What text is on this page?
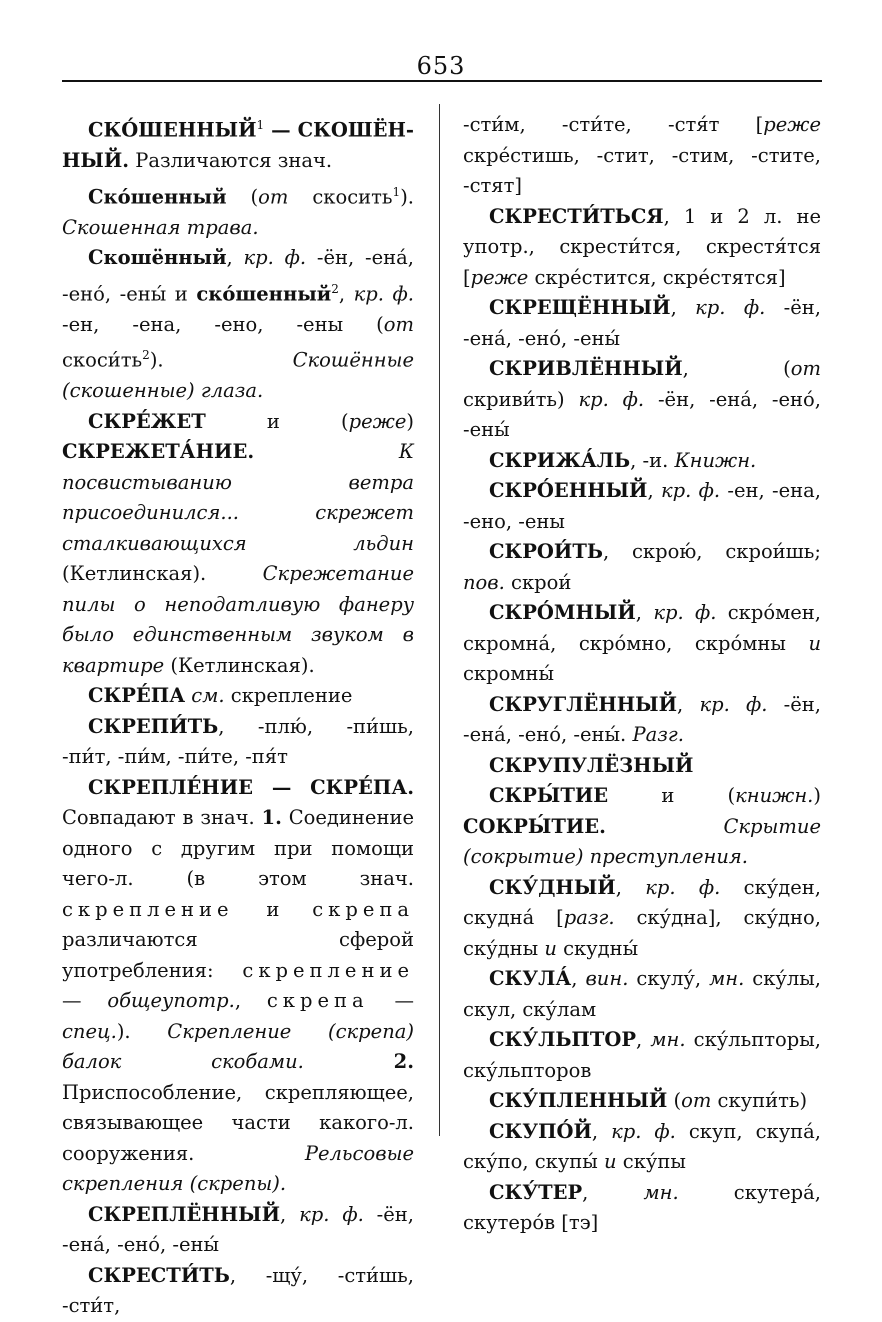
653

СКО́ШЕННЫЙ$^1$ — СКОШЁН-НЫЙ. Различаются знач.

Ско́шенный (от скосить$^1$). Скошенная трава.

Скошённый, кр. ф. -ён, -ена́, -ено́, -ены́ и ско́шенный$^2$, кр. ф. -ен, -ена, -ено, -ены (от $скоси́ть^2$). Скошённые (скошенные) глаза.

СКРЕ́ЖЕТ и (реже) СКРЕЖЕТА́НИЕ.	К посвистыванию ветра присоединился... скрежет сталкивающихся льдин (Кетлинская). Скрежетание пилы о неподатливую фанеру было единственным звуком в квартире (Кетлинская).

СКРЕ́ПА см. скрепление

СКРЕПИ́ТЬ, -плю́, -пи́шь, -пи́т, -пи́м, -пи́те, -пя́т

СКРЕПЛЕ́НИЕ — СКРЕ́ПА. Совпадают в знач. 1. Соединение одного с другим при помощи чего-л. (в этом знач. скрепление и скрепа различаются сферой употребления: скрепление — общеупотр., скрепа — спец.). Скрепление (скрепа) балок скобами.	2. Приспособление, скрепляющее, связывающее части какого-л. сооружения. Рельсовые скрепления (скрепы).

СКРЕПЛЁННЫЙ, кр. ф. -ён, -ена́, -ено́, -ены́

СКРЕСТИ́ТЬ, -щу́, -сти́шь, -сти́т,

-сти́м, -сти́те, -стя́т [реже скре́стишь, -стит, -стим, -стите, -стят]

СКРЕСТИ́ТЬСЯ, 1 и 2 л. не употр., скрести́тся, скрестя́тся [реже скре́стится, скре́стятся]

СКРЕЩЁННЫЙ, кр. ф. -ён, -ена́, -ено́, -ены́

СКРИВЛЁННЫЙ, (от скриви́ть) кр. ф. -ён, -ена́, -ено́, -ены́

СКРИЖА́ЛЬ, -и. Книжн.

СКРО́ЕННЫЙ, кр. ф. -ен, -ена, -ено, -ены

СКРОИ́ТЬ, скрою́, скрои́шь; пов. скрои́

СКРО́МНЫЙ, кр. ф. скро́мен, скромна́, скро́мно, скро́мны и скромны́

СКРУГЛЁННЫЙ, кр. ф. -ён, -ена́, -ено́, -ены́. Разг.

СКРУПУЛЁЗНЫЙ

СКРЫ́ТИЕ и (книжн.) СОКРЫ́ТИЕ.	Скрытие (сокрытие) преступления.

СКУ́ДНЫЙ, кр. ф. ску́ден, скудна́ [разг. ску́дна], ску́дно, ску́дны и скудны́

СКУЛА́, вин. скулу́, мн. ску́лы, скул, ску́лам

СКУ́ЛЬПТОР, мн. ску́льпторы, ску́льпторов

СКУ́ПЛЕННЫЙ (от скупи́ть)

СКУПО́Й, кр. ф. скуп, скупа́, ску́по, скупы́ и ску́пы

СКУ́ТЕР, мн. скутера́, скутеро́в [тэ]
